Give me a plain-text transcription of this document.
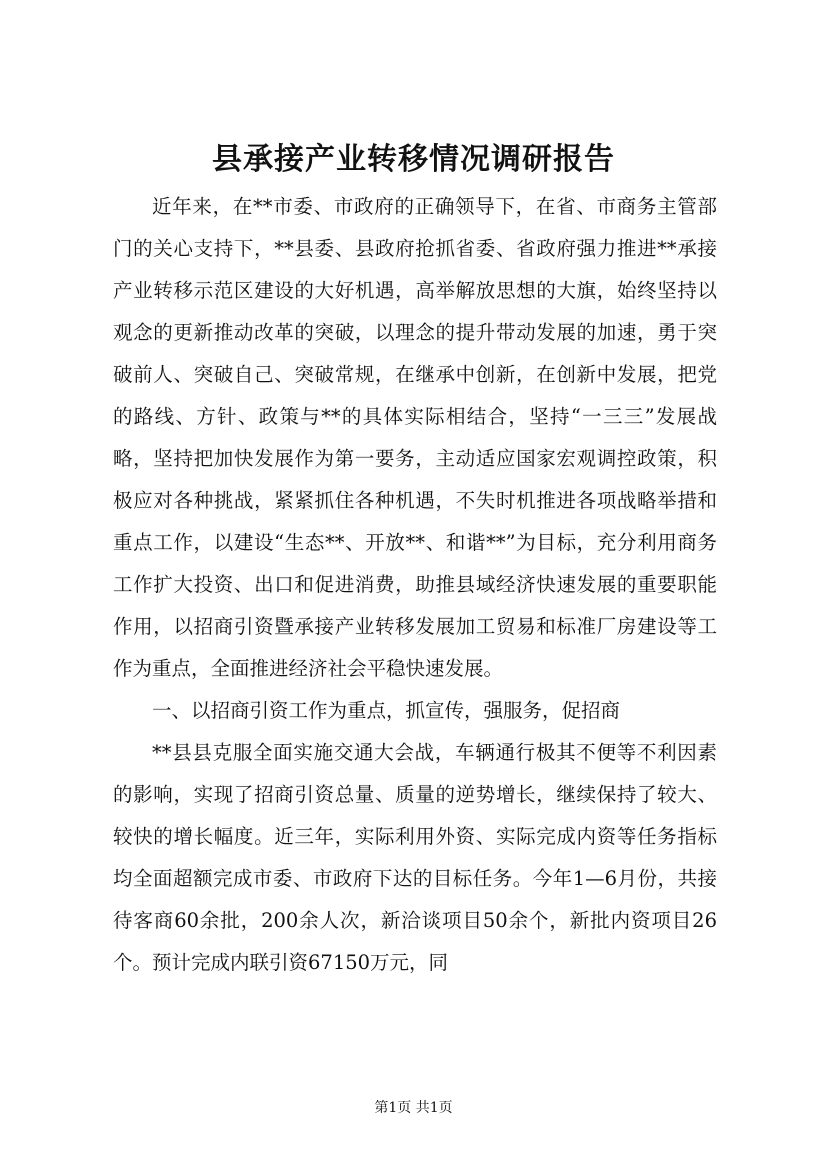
县承接产业转移情况调研报告

近年来，在**市委、市政府的正确领导下，在省、市商务主管部门的关心支持下，**县委、县政府抢抓省委、省政府强力推进**承接产业转移示范区建设的大好机遇，高举解放思想的大旗，始终坚持以观念的更新推动改革的突破，以理念的提升带动发展的加速，勇于突破前人、突破自己、突破常规，在继承中创新，在创新中发展，把党的路线、方针、政策与**的具体实际相结合，坚持“一三三”发展战略，坚持把加快发展作为第一要务，主动适应国家宏观调控政策，积极应对各种挑战，紧紧抓住各种机遇，不失时机推进各项战略举措和重点工作，以建设“生态**、开放**、和谐**”为目标，充分利用商务工作扩大投资、出口和促进消费，助推县域经济快速发展的重要职能作用，以招商引资暨承接产业转移发展加工贸易和标准厂房建设等工作为重点，全面推进经济社会平稳快速发展。

一、以招商引资工作为重点，抓宣传，强服务，促招商

**县县克服全面实施交通大会战，车辆通行极其不便等不利因素的影响，实现了招商引资总量、质量的逆势增长，继续保持了较大、较快的增长幅度。近三年，实际利用外资、实际完成内资等任务指标均全面超额完成市委、市政府下达的目标任务。今年1—6月份，共接待客商60余批，200余人次，新洽谈项目50余个，新批内资项目26个。预计完成内联引资67150万元，同

第1页 共1页
